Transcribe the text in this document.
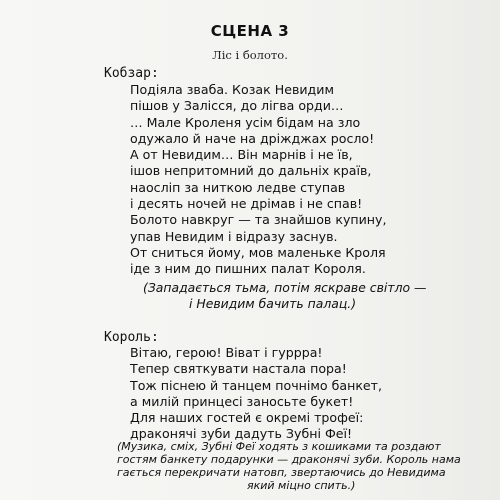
СЦЕНА 3
Ліс і болото.
Кобзар:
Подіяла зваба. Козак Невидим
пішов у Залісся, до лігва орди…
… Мале Кроленя усім бідам на зло
одужало й наче на дріжджах росло!
А от Невидим… Він марнів і не їв,
ішов непритомний до дальніх країв,
наосліп за ниткою ледве ступав
і десять ночей не дрімав і не спав!
Болото навкруг — та знайшов купину,
упав Невидим і відразу заснув.
От сниться йому, мов маленьке Кроля
іде з ним до пишних палат Короля.
(Западається тьма, потім яскраве світло —
і Невидим бачить палац.)
Король:
Вітаю, герою! Віват і гуррра!
Тепер святкувати настала пора!
Тож піснею й танцем почнімо банкет,
а милій принцесі заносьте букет!
Для наших гостей є окремі трофеї:
драконячі зуби дадуть Зубні Феї!
(Музика, сміх, Зубні Феї ходять з кошиками та роздают
гостям банкету подарунки — драконячі зуби. Король нама
гається перекричати натовп, звертаючись до Невидима
який міцно спить.)
